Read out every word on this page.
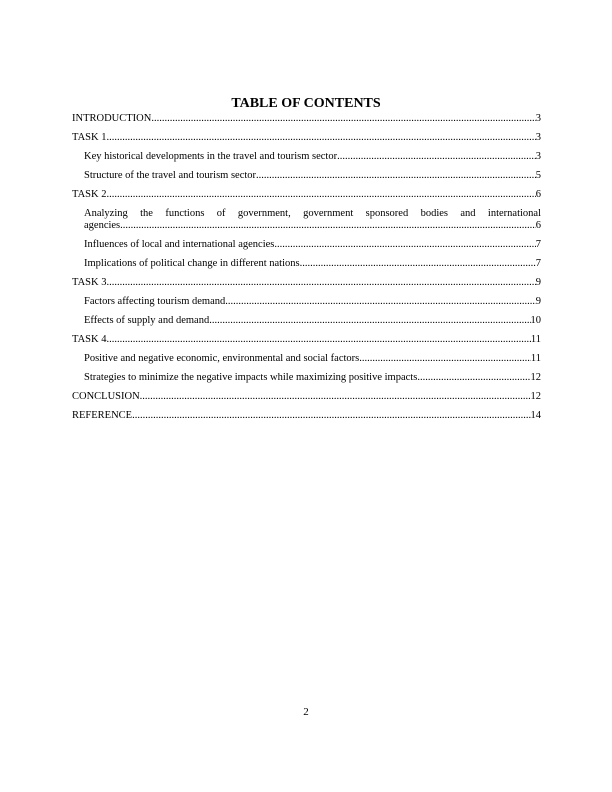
TABLE OF CONTENTS
INTRODUCTION .....	3
TASK 1 .....	3
Key historical developments in the travel and tourism sector .....	3
Structure of the travel and tourism sector .....	5
TASK 2 .....	6
Analyzing the functions of government, government sponsored bodies and international
agencies .....	6
Influences of local and international agencies .....	7
Implications of political change in different nations .....	7
TASK 3 .....	9
Factors affecting tourism demand .....	9
Effects of supply and demand .....	10
TASK 4 .....	11
Positive and negative economic, environmental and social factors .....	11
Strategies to minimize the negative impacts while maximizing positive impacts .....	12
CONCLUSION .....	12
REFERENCE .....	14
2
